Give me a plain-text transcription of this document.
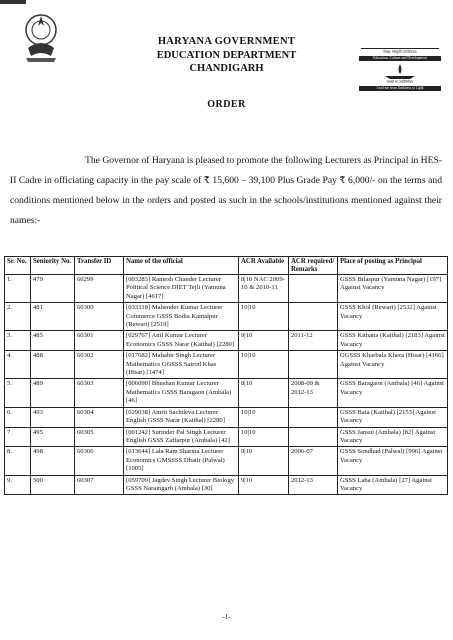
HARYANA GOVERNMENT
EDUCATION DEPARTMENT
CHANDIGARH
शिक्षा, संस्कृति एवं विकास
Education, Culture and Development
तमसो मा ज्योतिर्गमय
Lead me from Darkness to Light
ORDER
The Governor of Haryana is pleased to promote the following Lecturers as Principal in HES-II Cadre in officiating capacity in the pay scale of ₹ 15,600 – 39,100 Plus Grade Pay ₹ 6,000/- on the terms and conditions mentioned below in the orders and posted as such in the schools/institutions mentioned against their names:-
Sr. No.	Seniority No.	Transfer ID	Name of the official	ACR Available	ACR required/ Remarks	Place of posting as Principal
1.	479	60299	[003283] Ramesh Chander Lecturer Political Science DIET Tejli (Yamuna Nagar) [4617]	8|10 NAC 2009-10 & 2010-11		GSSS Bilaspur (Yamuna Nagar) [197] Against Vacancy
2.	481	60300	[033318] Mahender Kumar Lecturer Commerce GSSS Bodia Kamalpur (Rewari) [2519]	10|10		GSSS Khol (Rewari) [2532] Against Vacancy
3.	485	60301	[029767] Anil Kumar Lecturer Economics GSSS Narar (Kaithal) [2280]	9|10	2011-12	GSSS Kithana (Kaithal) [2183] Against Vacancy
4.	488	60302	[017682] Mahabir Singh Lecturer Mathematics GGSSS Satrod Khas (Hisar) [1474]	10|10		GGSSS Kharbala Khera (Hisar) [4166] Against Vacancy
5.	489	60303	[006090] Bhushan Kumar Lecturer Mathematics GSSS Baragaon (Ambala) [46]	8|10	2008-09 & 2012-13	GSSS Baragaon (Ambala) [46] Against Vacancy
6.	493	60304	[029038] Amrit Sachdeva Lecturer English GSSS Narar (Kaithal) [2280]	10|10		GSSS Bata (Kaithal) [2153] Against Vacancy
7.	495	60305	[001242] Surinder Pal Singh Lecturer English GSSS Zaffarpur (Ambala) [42]	10|10		GSSS Jansui (Ambala) [82] Against Vacancy
8.	498	60306	[013644] Lala Ram Sharma Lecturer Economics GMSSSS Dhatir (Palwal) [1005]	9|10	2006-07	GSSS Sondhad (Palwal) [996] Against Vacancy
9.	500	60307	[059709] Jagdev Singh Lecturer Biology GSSS Naraingarh (Ambala) [30]	9|10	2012-13	GSSS Laha (Ambala) [27] Against Vacancy
-1-
